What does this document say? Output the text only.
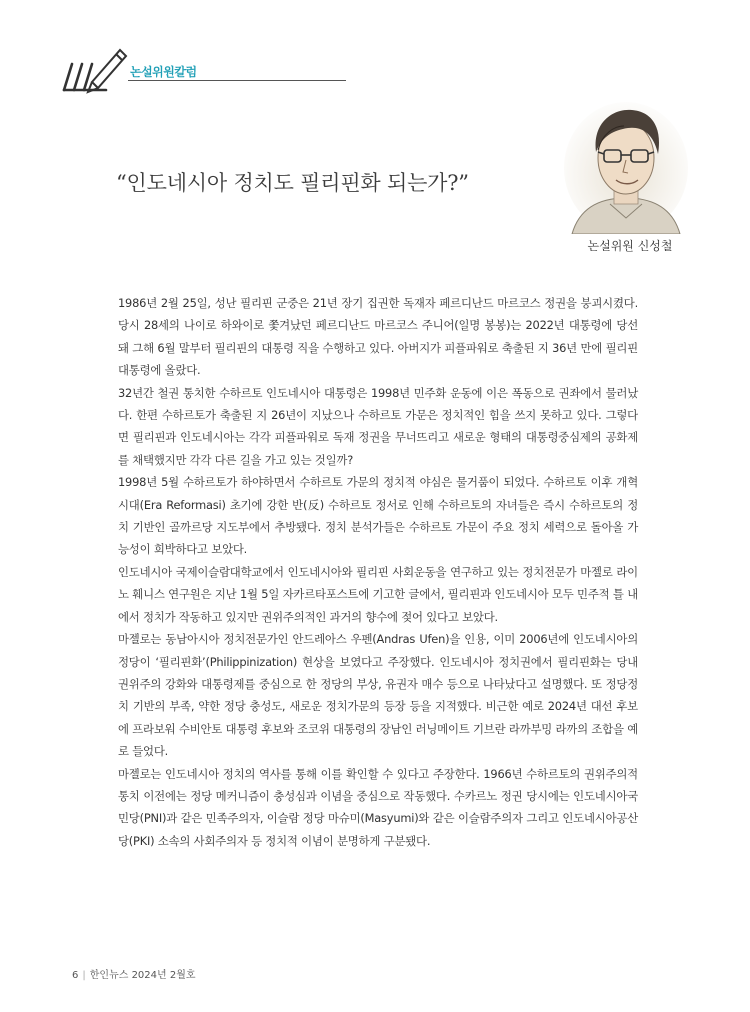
논설위원칼럼
논설위원 신성철
“인도네시아 정치도 필리핀화 되는가?”

1986년 2월 25일, 성난 필리핀 군중은 21년 장기 집권한 독재자 페르디난드 마르코스 정권을 붕괴시켰다. 당시 28세의 나이로 하와이로 쫓겨났던 페르디난드 마르코스 주니어(일명 봉봉)는 2022년 대통령에 당선돼 그해 6월 말부터 필리핀의 대통령 직을 수행하고 있다. 아버지가 피플파워로 축출된 지 36년 만에 필리핀 대통령에 올랐다.

32년간 철권 통치한 수하르토 인도네시아 대통령은 1998년 민주화 운동에 이은 폭동으로 권좌에서 물러났다. 한편 수하르토가 축출된 지 26년이 지났으나 수하르토 가문은 정치적인 힘을 쓰지 못하고 있다. 그렇다면 필리핀과 인도네시아는 각각 피플파워로 독재 정권을 무너뜨리고 새로운 형태의 대통령중심제의 공화제를 채택했지만 각각 다른 길을 가고 있는 것일까?

1998년 5월 수하르토가 하야하면서 수하르토 가문의 정치적 야심은 물거품이 되었다. 수하르토 이후 개혁시대(Era Reformasi) 초기에 강한 반(反) 수하르토 정서로 인해 수하르토의 자녀들은 즉시 수하르토의 정치 기반인 골까르당 지도부에서 추방됐다. 정치 분석가들은 수하르토 가문이 주요 정치 세력으로 돌아올 가능성이 희박하다고 보았다.

인도네시아 국제이슬람대학교에서 인도네시아와 필리핀 사회운동을 연구하고 있는 정치전문가 마젤로 라이노 훼니스 연구원은 지난 1월 5일 자카르타포스트에 기고한 글에서, 필리핀과 인도네시아 모두 민주적 틀 내에서 정치가 작동하고 있지만 권위주의적인 과거의 향수에 젖어 있다고 보았다.

마젤로는 동남아시아 정치전문가인 안드레아스 우펜(Andras Ufen)을 인용, 이미 2006년에 인도네시아의 정당이 ‘필리핀화’(Philippinization) 현상을 보였다고 주장했다. 인도네시아 정치권에서 필리핀화는 당내 권위주의 강화와 대통령제를 중심으로 한 정당의 부상, 유권자 매수 등으로 나타났다고 설명했다. 또 정당정치 기반의 부족, 약한 정당 충성도, 새로운 정치가문의 등장 등을 지적했다. 비근한 예로 2024년 대선 후보에 프라보워 수비안토 대통령 후보와 조코위 대통령의 장남인 러닝메이트 기브란 라까부밍 라까의 조합을 예로 들었다.

마젤로는 인도네시아 정치의 역사를 통해 이를 확인할 수 있다고 주장한다. 1966년 수하르토의 권위주의적 통치 이전에는 정당 메커니즘이 충성심과 이념을 중심으로 작동했다. 수카르노 정권 당시에는 인도네시아국민당(PNI)과 같은 민족주의자, 이슬람 정당 마슈미(Masyumi)와 같은 이슬람주의자 그리고 인도네시아공산당(PKI) 소속의 사회주의자 등 정치적 이념이 분명하게 구분됐다.

6 | 한인뉴스 2024년 2월호
